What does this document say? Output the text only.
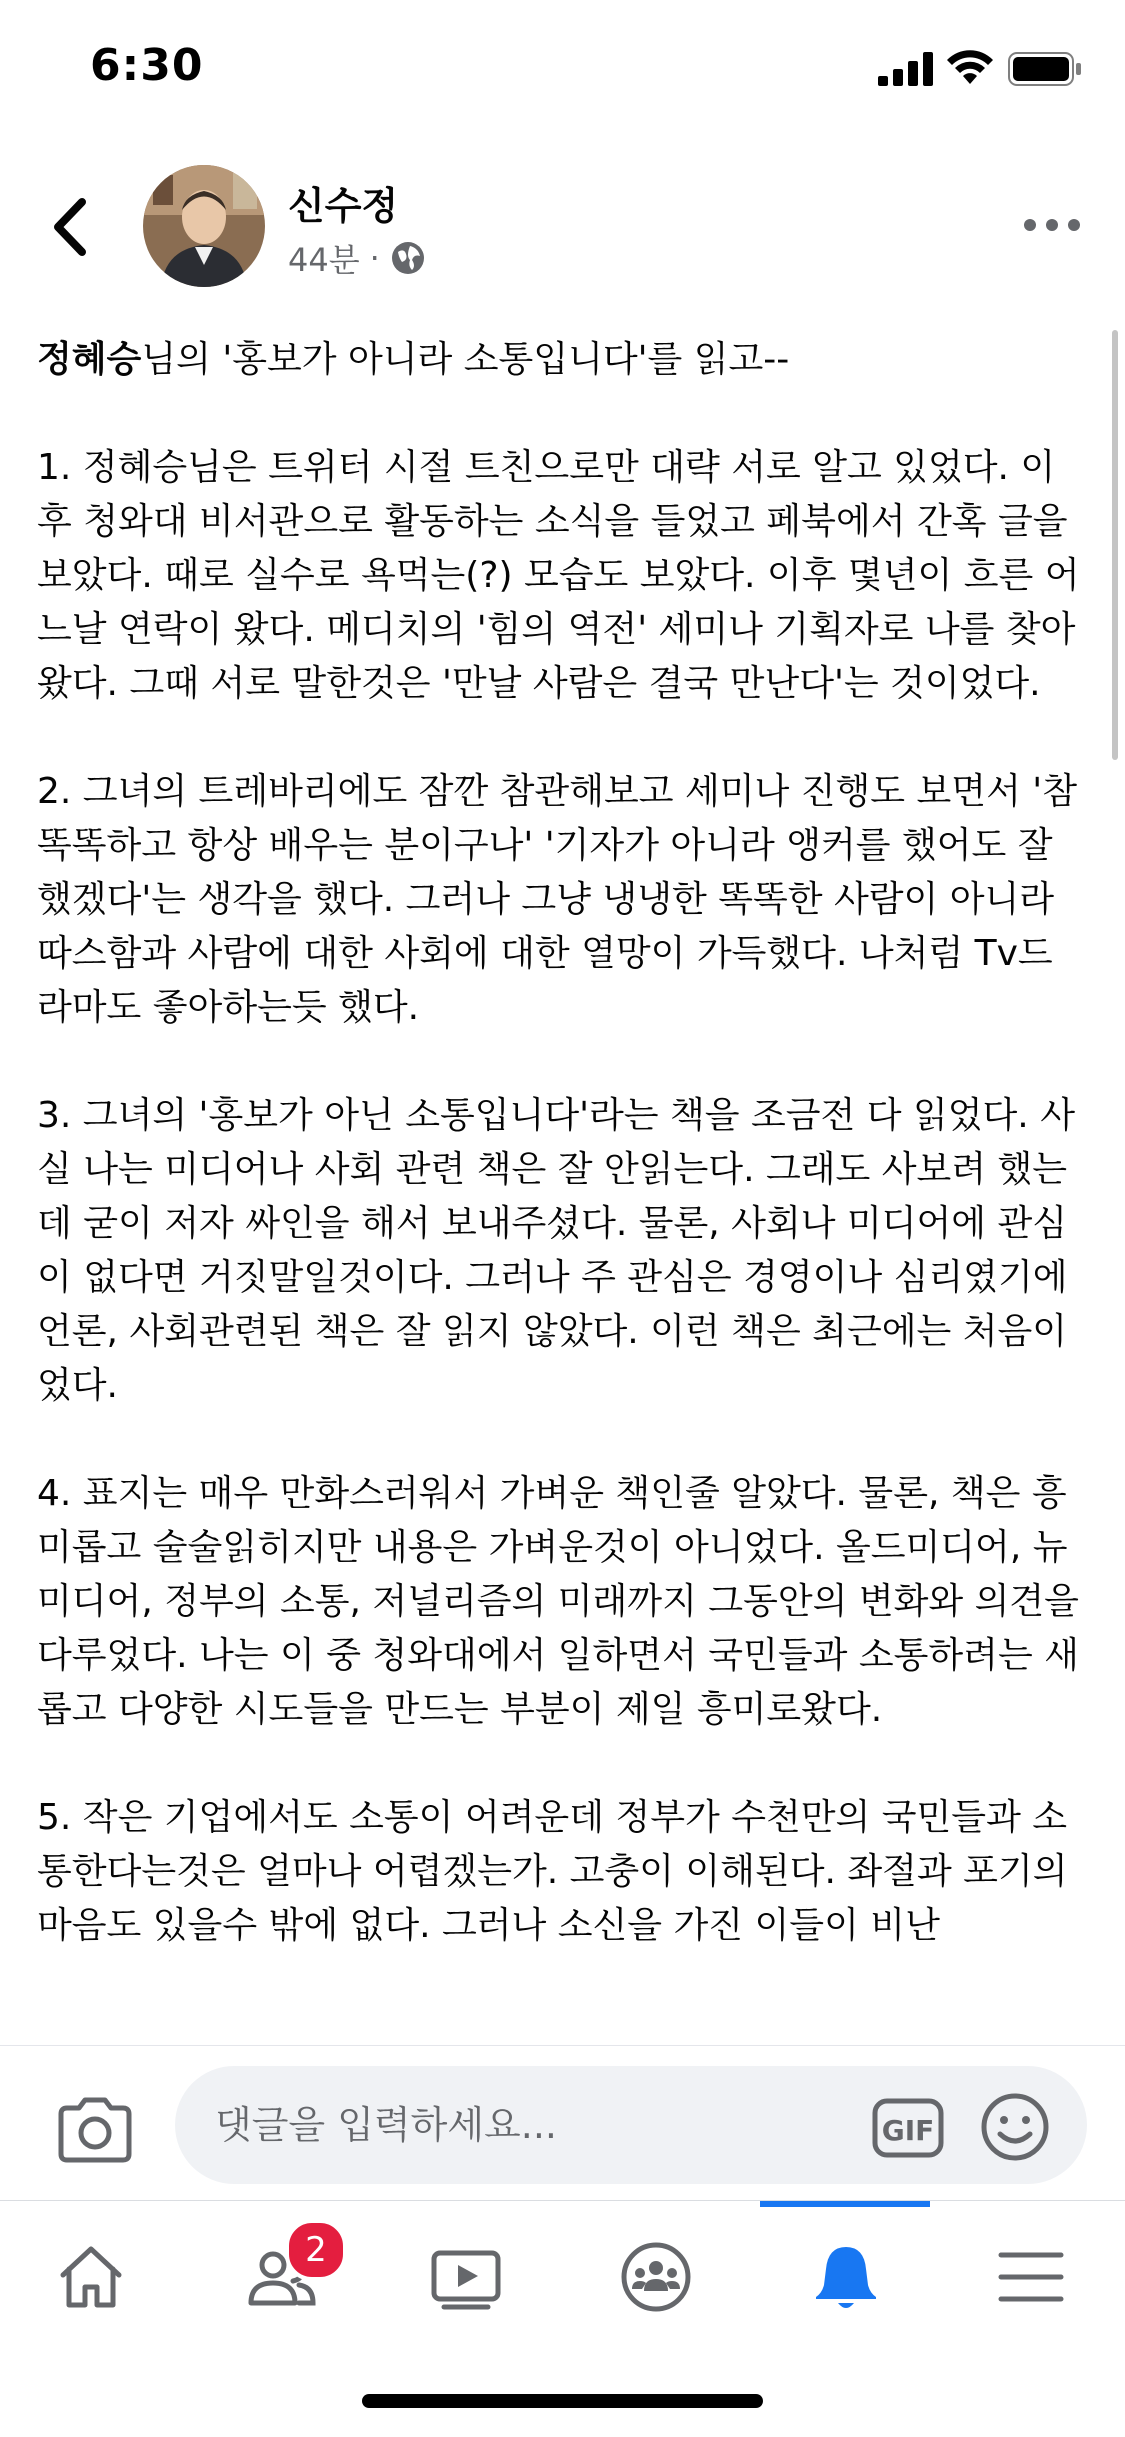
6:30
신수정
44분 ·

정혜승님의 '홍보가 아니라 소통입니다'를 읽고--

1. 정혜승님은 트위터 시절 트친으로만 대략 서로 알고 있었다. 이후 청와대 비서관으로 활동하는 소식을 들었고 페북에서 간혹 글을 보았다. 때로 실수로 욕먹는(?) 모습도 보았다. 이후 몇년이 흐른 어느날 연락이 왔다. 메디치의 '힘의 역전' 세미나 기획자로 나를 찾아왔다. 그때 서로 말한것은 '만날 사람은 결국 만난다'는 것이었다.

2. 그녀의 트레바리에도 잠깐 참관해보고 세미나 진행도 보면서 '참 똑똑하고 항상 배우는 분이구나' '기자가 아니라 앵커를 했어도 잘했겠다'는 생각을 했다. 그러나 그냥 냉냉한 똑똑한 사람이 아니라 따스함과 사람에 대한 사회에 대한 열망이 가득했다. 나처럼 Tv드라마도 좋아하는듯 했다.

3. 그녀의 '홍보가 아닌 소통입니다'라는 책을 조금전 다 읽었다. 사실 나는 미디어나 사회 관련 책은 잘 안읽는다. 그래도 사보려 했는데 굳이 저자 싸인을 해서 보내주셨다. 물론, 사회나 미디어에 관심이 없다면 거짓말일것이다. 그러나 주 관심은 경영이나 심리였기에 언론, 사회관련된 책은 잘 읽지 않았다. 이런 책은 최근에는 처음이었다.

4. 표지는 매우 만화스러워서 가벼운 책인줄 알았다. 물론, 책은 흥미롭고 술술읽히지만 내용은 가벼운것이 아니었다. 올드미디어, 뉴미디어, 정부의 소통, 저널리즘의 미래까지 그동안의 변화와 의견을 다루었다. 나는 이 중 청와대에서 일하면서 국민들과 소통하려는 새롭고 다양한 시도들을 만드는 부분이 제일 흥미로왔다.

5. 작은 기업에서도 소통이 어려운데 정부가 수천만의 국민들과 소통한다는것은 얼마나 어렵겠는가. 고충이 이해된다. 좌절과 포기의 마음도 있을수 밖에 없다. 그러나 소신을 가진 이들이 비난

댓글을 입력하세요...
GIF
2
